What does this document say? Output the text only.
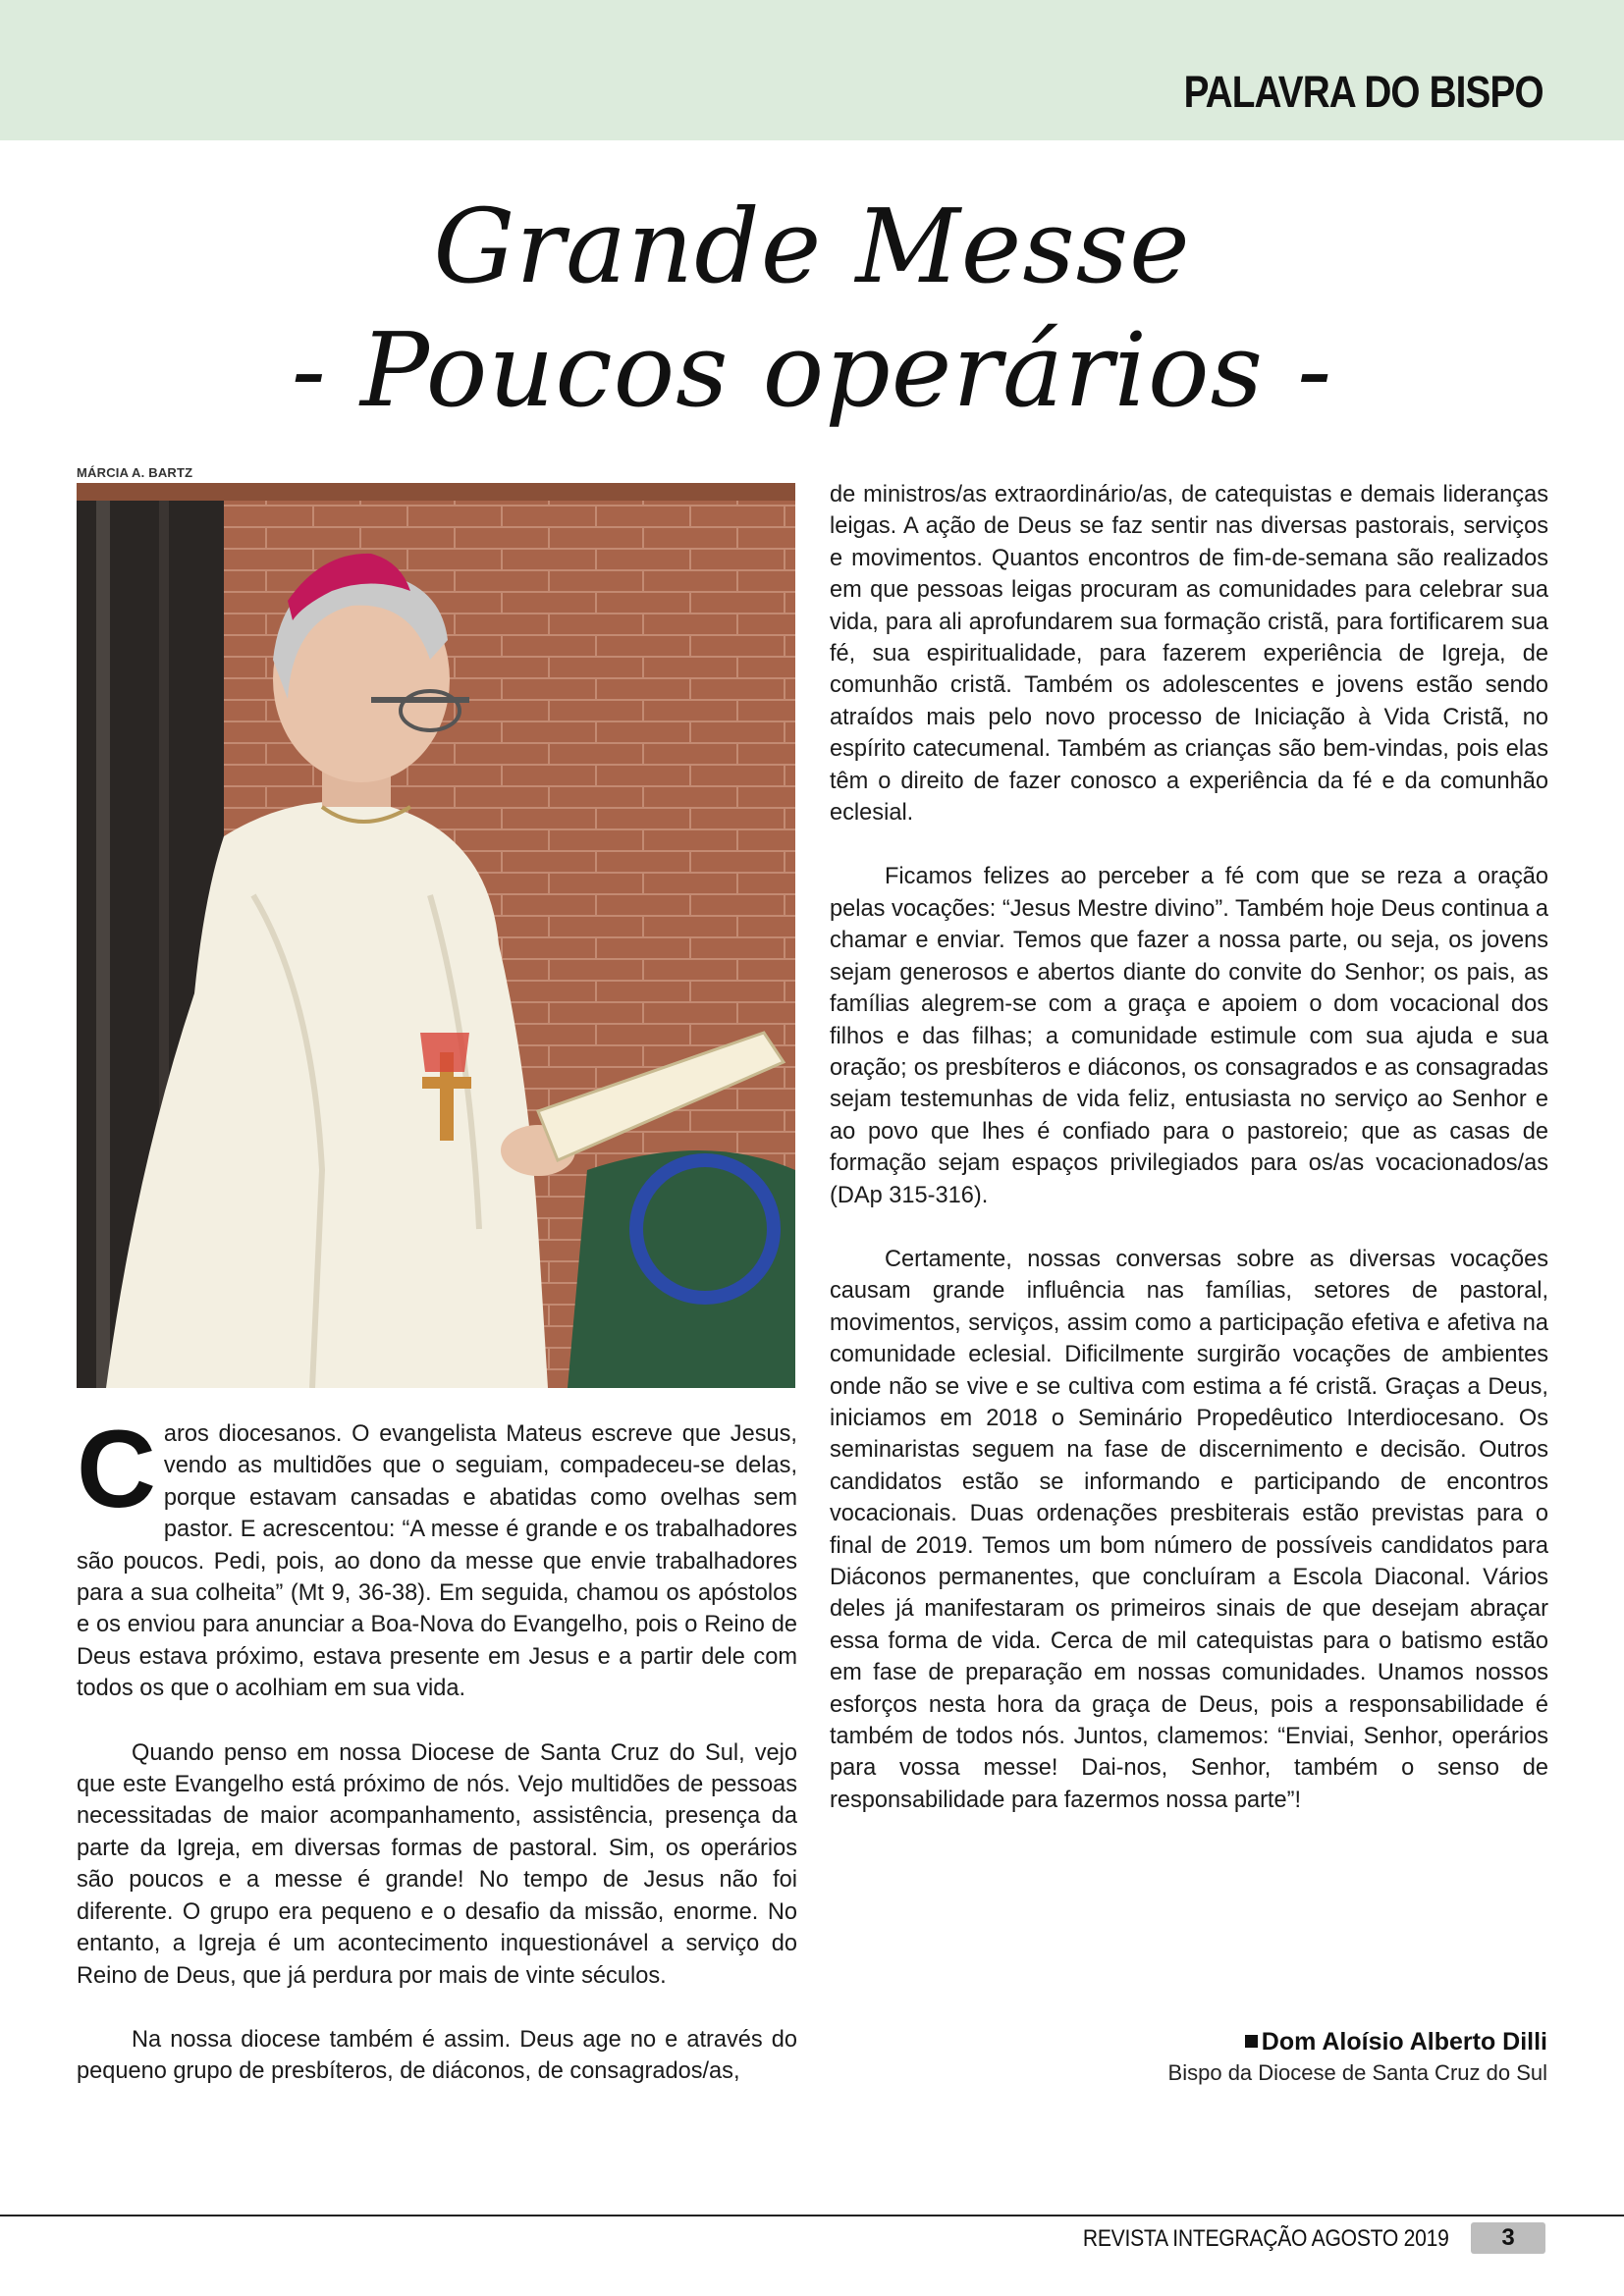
PALAVRA DO BISPO
Grande Messe
- Poucos operários -
MÁRCIA A. BARTZ

Caros diocesanos. O evangelista Mateus escreve que Jesus, vendo as multidões que o seguiam, compadeceu-se delas, porque estavam cansadas e abatidas como ovelhas sem pastor. E acrescentou: “A messe é grande e os trabalhadores são poucos. Pedi, pois, ao dono da messe que envie trabalhadores para a sua colheita” (Mt 9, 36-38). Em seguida, chamou os apóstolos e os enviou para anunciar a Boa-Nova do Evangelho, pois o Reino de Deus estava próximo, estava presente em Jesus e a partir dele com todos os que o acolhiam em sua vida.

Quando penso em nossa Diocese de Santa Cruz do Sul, vejo que este Evangelho está próximo de nós. Vejo multidões de pessoas necessitadas de maior acompanhamento, assistência, presença da parte da Igreja, em diversas formas de pastoral. Sim, os operários são poucos e a messe é grande! No tempo de Jesus não foi diferente. O grupo era pequeno e o desafio da missão, enorme. No entanto, a Igreja é um acontecimento inquestionável a serviço do Reino de Deus, que já perdura por mais de vinte séculos.

Na nossa diocese também é assim. Deus age no e através do pequeno grupo de presbíteros, de diáconos, de consagrados/as,

de ministros/as extraordinário/as, de catequistas e demais lideranças leigas. A ação de Deus se faz sentir nas diversas pastorais, serviços e movimentos. Quantos encontros de fim-de-semana são realizados em que pessoas leigas procuram as comunidades para celebrar sua vida, para ali aprofundarem sua formação cristã, para fortificarem sua fé, sua espiritualidade, para fazerem experiência de Igreja, de comunhão cristã. Também os adolescentes e jovens estão sendo atraídos mais pelo novo processo de Iniciação à Vida Cristã, no espírito catecumenal. Também as crianças são bem-vindas, pois elas têm o direito de fazer conosco a experiência da fé e da comunhão eclesial.

Ficamos felizes ao perceber a fé com que se reza a oração pelas vocações: “Jesus Mestre divino”. Também hoje Deus continua a chamar e enviar. Temos que fazer a nossa parte, ou seja, os jovens sejam generosos e abertos diante do convite do Senhor; os pais, as famílias alegrem-se com a graça e apoiem o dom vocacional dos filhos e das filhas; a comunidade estimule com sua ajuda e sua oração; os presbíteros e diáconos, os consagrados e as consagradas sejam testemunhas de vida feliz, entusiasta no serviço ao Senhor e ao povo que lhes é confiado para o pastoreio; que as casas de formação sejam espaços privilegiados para os/as vocacionados/as (DAp 315-316).

Certamente, nossas conversas sobre as diversas vocações causam grande influência nas famílias, setores de pastoral, movimentos, serviços, assim como a participação efetiva e afetiva na comunidade eclesial. Dificilmente surgirão vocações de ambientes onde não se vive e se cultiva com estima a fé cristã. Graças a Deus, iniciamos em 2018 o Seminário Propedêutico Interdiocesano. Os seminaristas seguem na fase de discernimento e decisão. Outros candidatos estão se informando e participando de encontros vocacionais. Duas ordenações presbiterais estão previstas para o final de 2019. Temos um bom número de possíveis candidatos para Diáconos permanentes, que concluíram a Escola Diaconal. Vários deles já manifestaram os primeiros sinais de que desejam abraçar essa forma de vida. Cerca de mil catequistas para o batismo estão em fase de preparação em nossas comunidades. Unamos nossos esforços nesta hora da graça de Deus, pois a responsabilidade é também de todos nós. Juntos, clamemos: “Enviai, Senhor, operários para vossa messe! Dai-nos, Senhor, também o senso de responsabilidade para fazermos nossa parte”!

Dom Aloísio Alberto Dilli
Bispo da Diocese de Santa Cruz do Sul
REVISTA INTEGRAÇÃO AGOSTO 2019	3
